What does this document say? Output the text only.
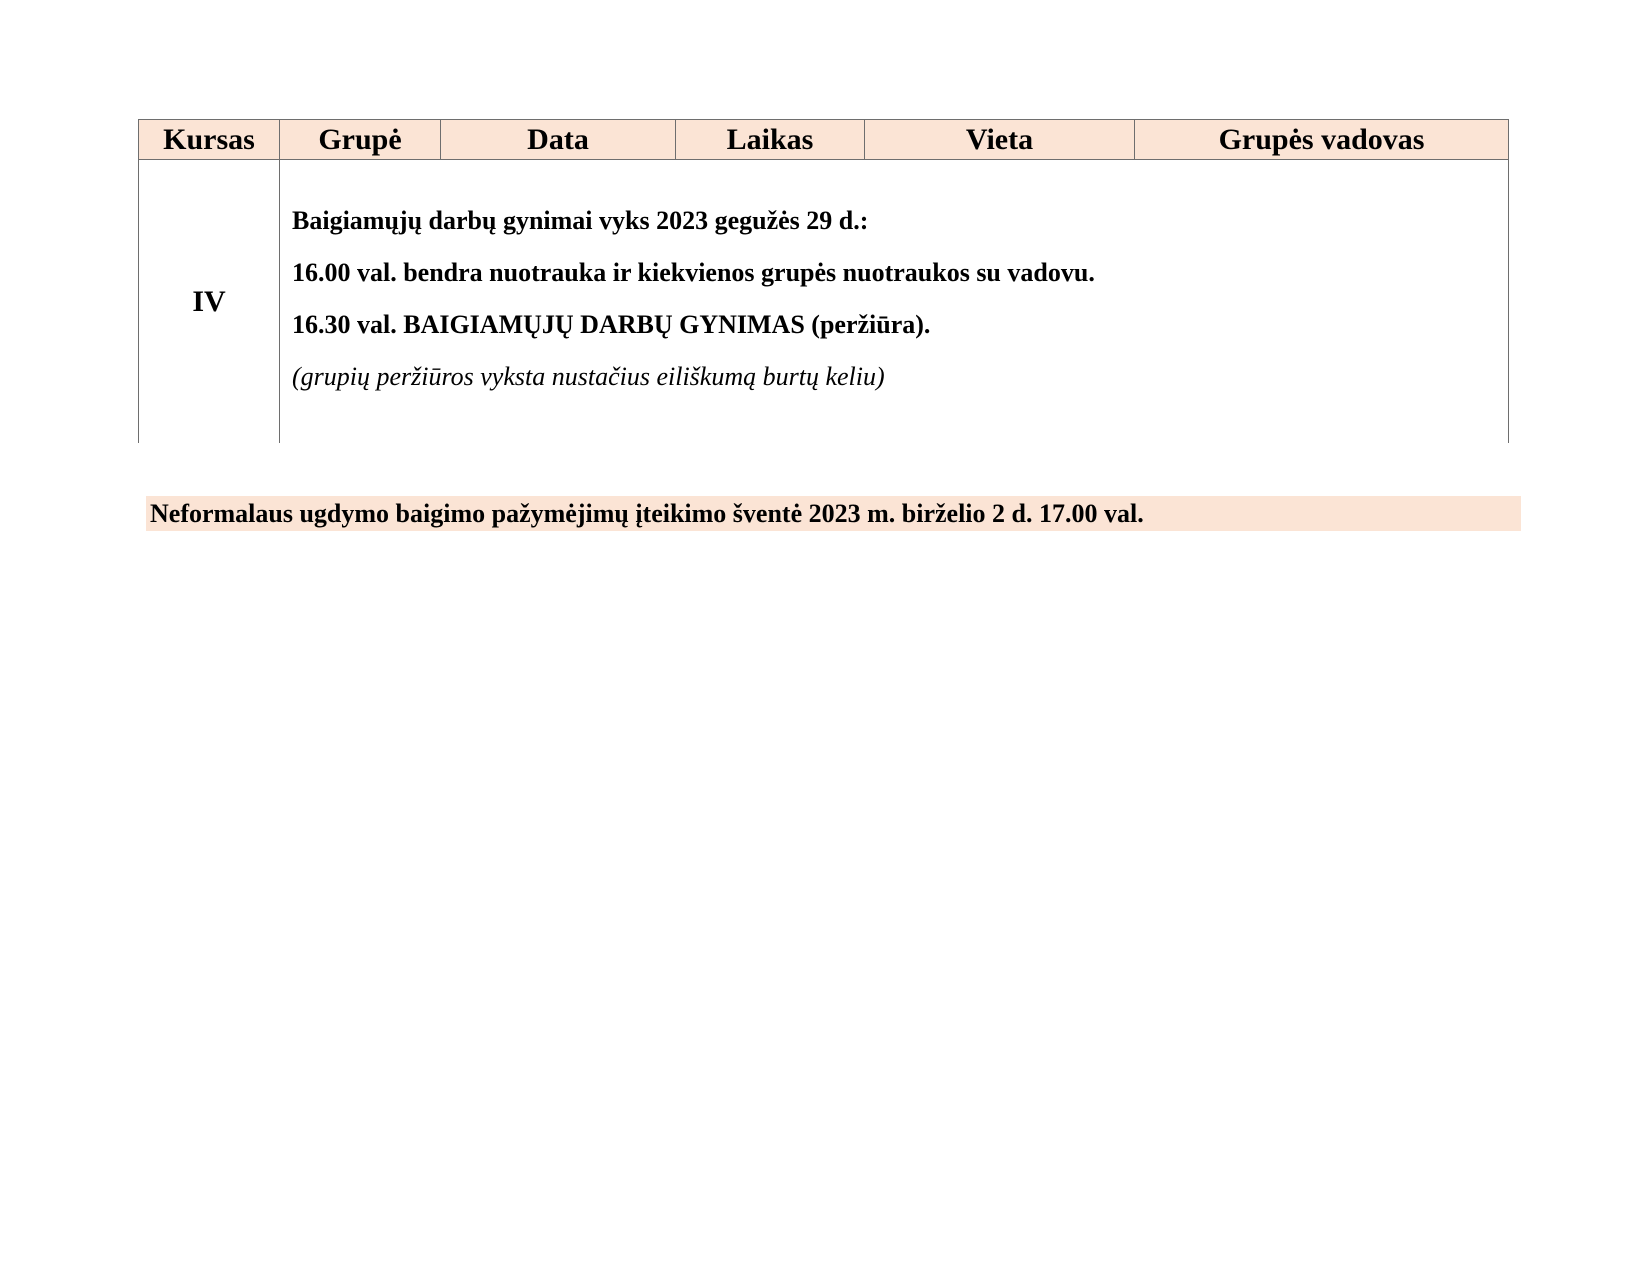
Kursas	Grupė	Data	Laikas	Vieta	Grupės vadovas
IV	Baigiamųjų darbų gynimai vyks 2023 gegužės 29 d.:
16.00 val. bendra nuotrauka ir kiekvienos grupės nuotraukos su vadovu.
16.30 val. BAIGIAMŲJŲ DARBŲ GYNIMAS (peržiūra).
(grupių peržiūros vyksta nustačius eiliškumą burtų keliu)				
Neformalaus ugdymo baigimo pažymėjimų įteikimo šventė 2023 m. birželio 2 d. 17.00 val.
